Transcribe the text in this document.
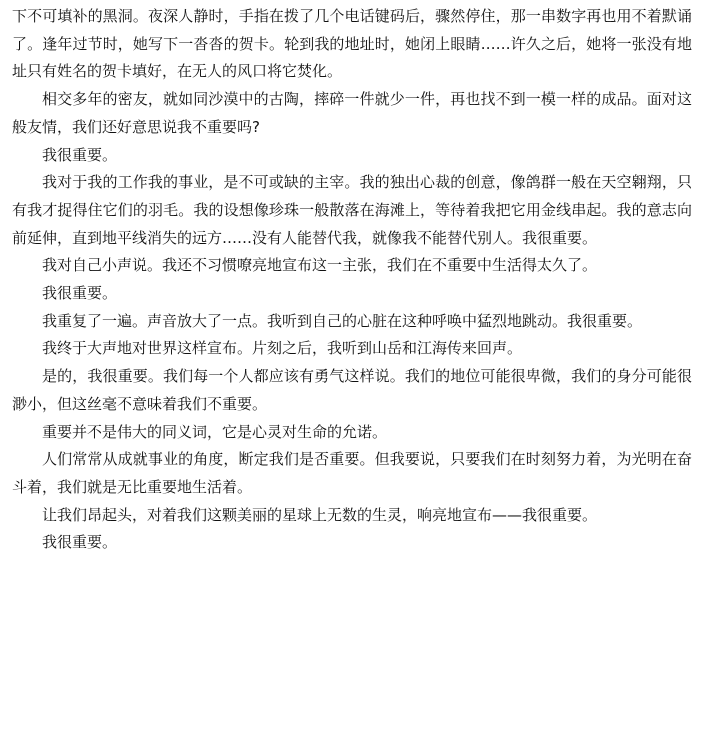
下不可填补的黑洞。夜深人静时，手指在拨了几个电话键码后，骤然停住，那一串数字再也用不着默诵了。逢年过节时，她写下一沓沓的贺卡。轮到我的地址时，她闭上眼睛……许久之后，她将一张没有地址只有姓名的贺卡填好，在无人的风口将它焚化。

相交多年的密友，就如同沙漠中的古陶，摔碎一件就少一件，再也找不到一模一样的成品。面对这般友情，我们还好意思说我不重要吗?

我很重要。

我对于我的工作我的事业，是不可或缺的主宰。我的独出心裁的创意，像鸽群一般在天空翱翔，只有我才捉得住它们的羽毛。我的设想像珍珠一般散落在海滩上，等待着我把它用金线串起。我的意志向前延伸，直到地平线消失的远方……没有人能替代我，就像我不能替代别人。我很重要。

我对自己小声说。我还不习惯嘹亮地宣布这一主张，我们在不重要中生活得太久了。

我很重要。

我重复了一遍。声音放大了一点。我听到自己的心脏在这种呼唤中猛烈地跳动。我很重要。

我终于大声地对世界这样宣布。片刻之后，我听到山岳和江海传来回声。

是的，我很重要。我们每一个人都应该有勇气这样说。我们的地位可能很卑微，我们的身分可能很渺小，但这丝毫不意味着我们不重要。

重要并不是伟大的同义词，它是心灵对生命的允诺。

人们常常从成就事业的角度，断定我们是否重要。但我要说，只要我们在时刻努力着，为光明在奋斗着，我们就是无比重要地生活着。

让我们昂起头，对着我们这颗美丽的星球上无数的生灵，响亮地宣布——我很重要。

我很重要。
